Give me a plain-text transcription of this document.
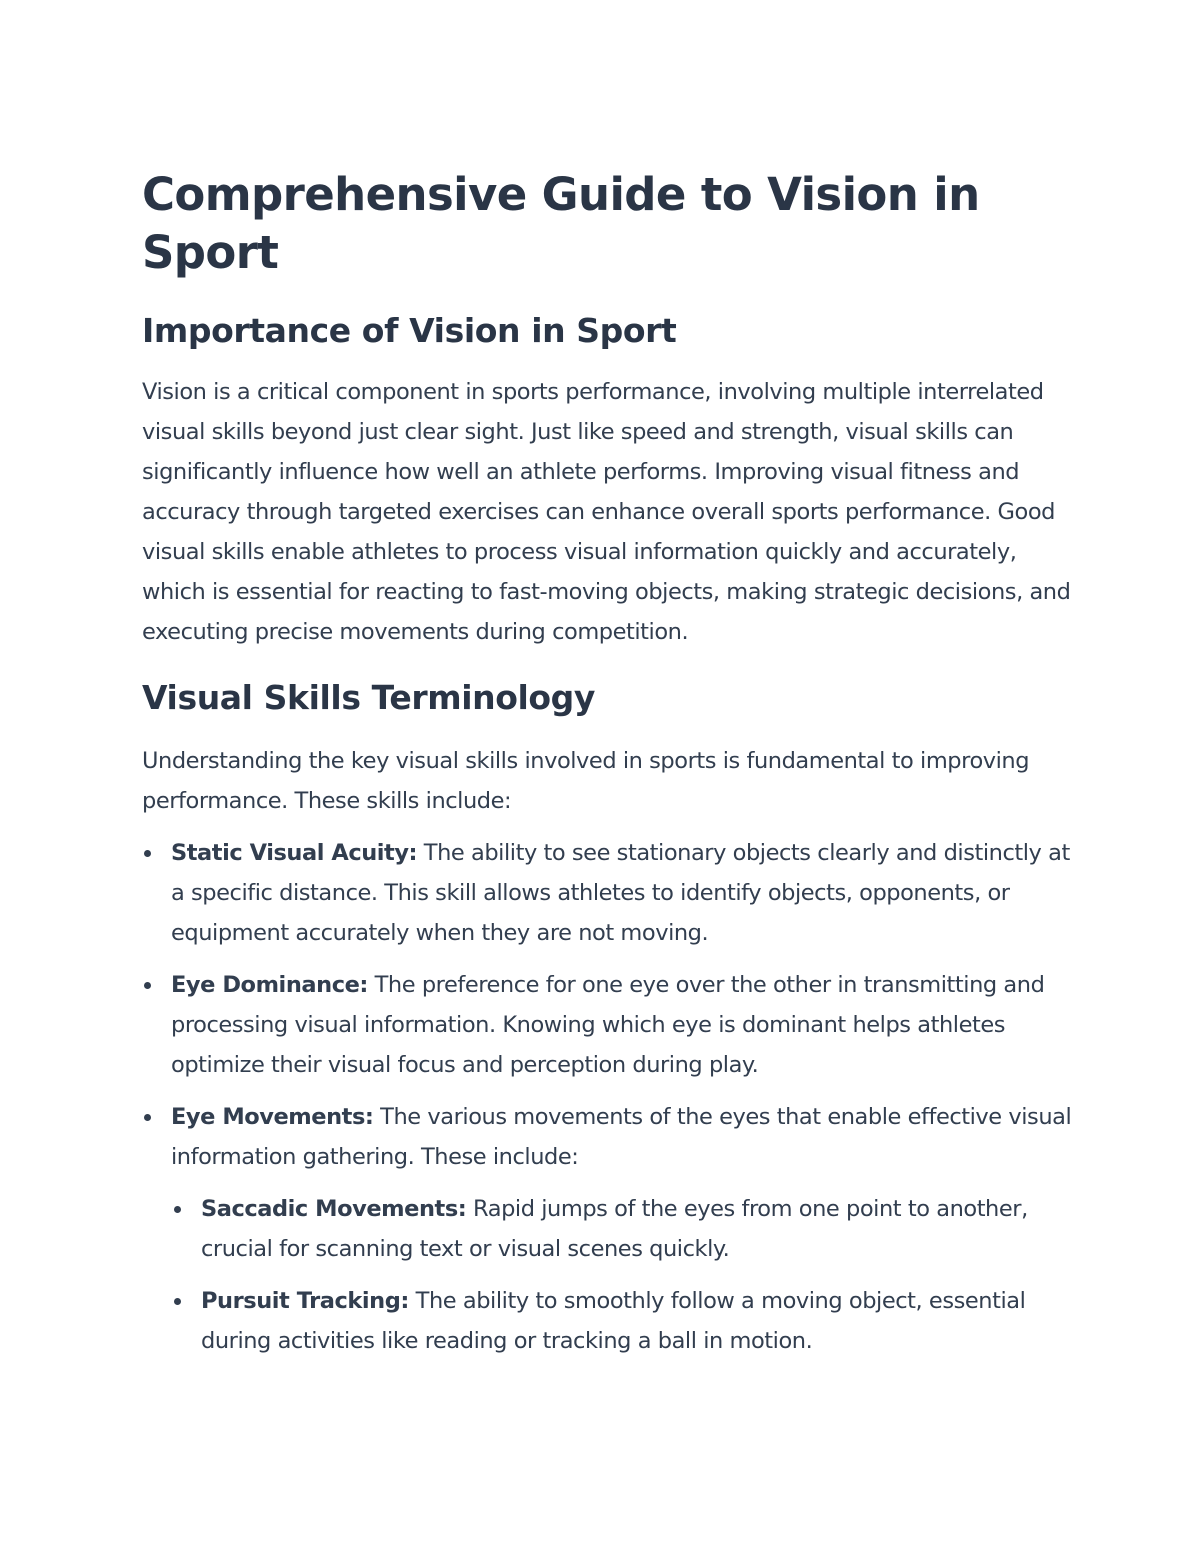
Comprehensive Guide to Vision in Sport
Importance of Vision in Sport

Vision is a critical component in sports performance, involving multiple interrelated visual skills beyond just clear sight. Just like speed and strength, visual skills can significantly influence how well an athlete performs. Improving visual fitness and accuracy through targeted exercises can enhance overall sports performance. Good visual skills enable athletes to process visual information quickly and accurately, which is essential for reacting to fast-moving objects, making strategic decisions, and executing precise movements during competition.

Visual Skills Terminology

Understanding the key visual skills involved in sports is fundamental to improving performance. These skills include:

Static Visual Acuity: The ability to see stationary objects clearly and distinctly at a specific distance. This skill allows athletes to identify objects, opponents, or equipment accurately when they are not moving.
Eye Dominance: The preference for one eye over the other in transmitting and processing visual information. Knowing which eye is dominant helps athletes optimize their visual focus and perception during play.
Eye Movements: The various movements of the eyes that enable effective visual information gathering. These include:
Saccadic Movements: Rapid jumps of the eyes from one point to another, crucial for scanning text or visual scenes quickly.
Pursuit Tracking: The ability to smoothly follow a moving object, essential during activities like reading or tracking a ball in motion.
